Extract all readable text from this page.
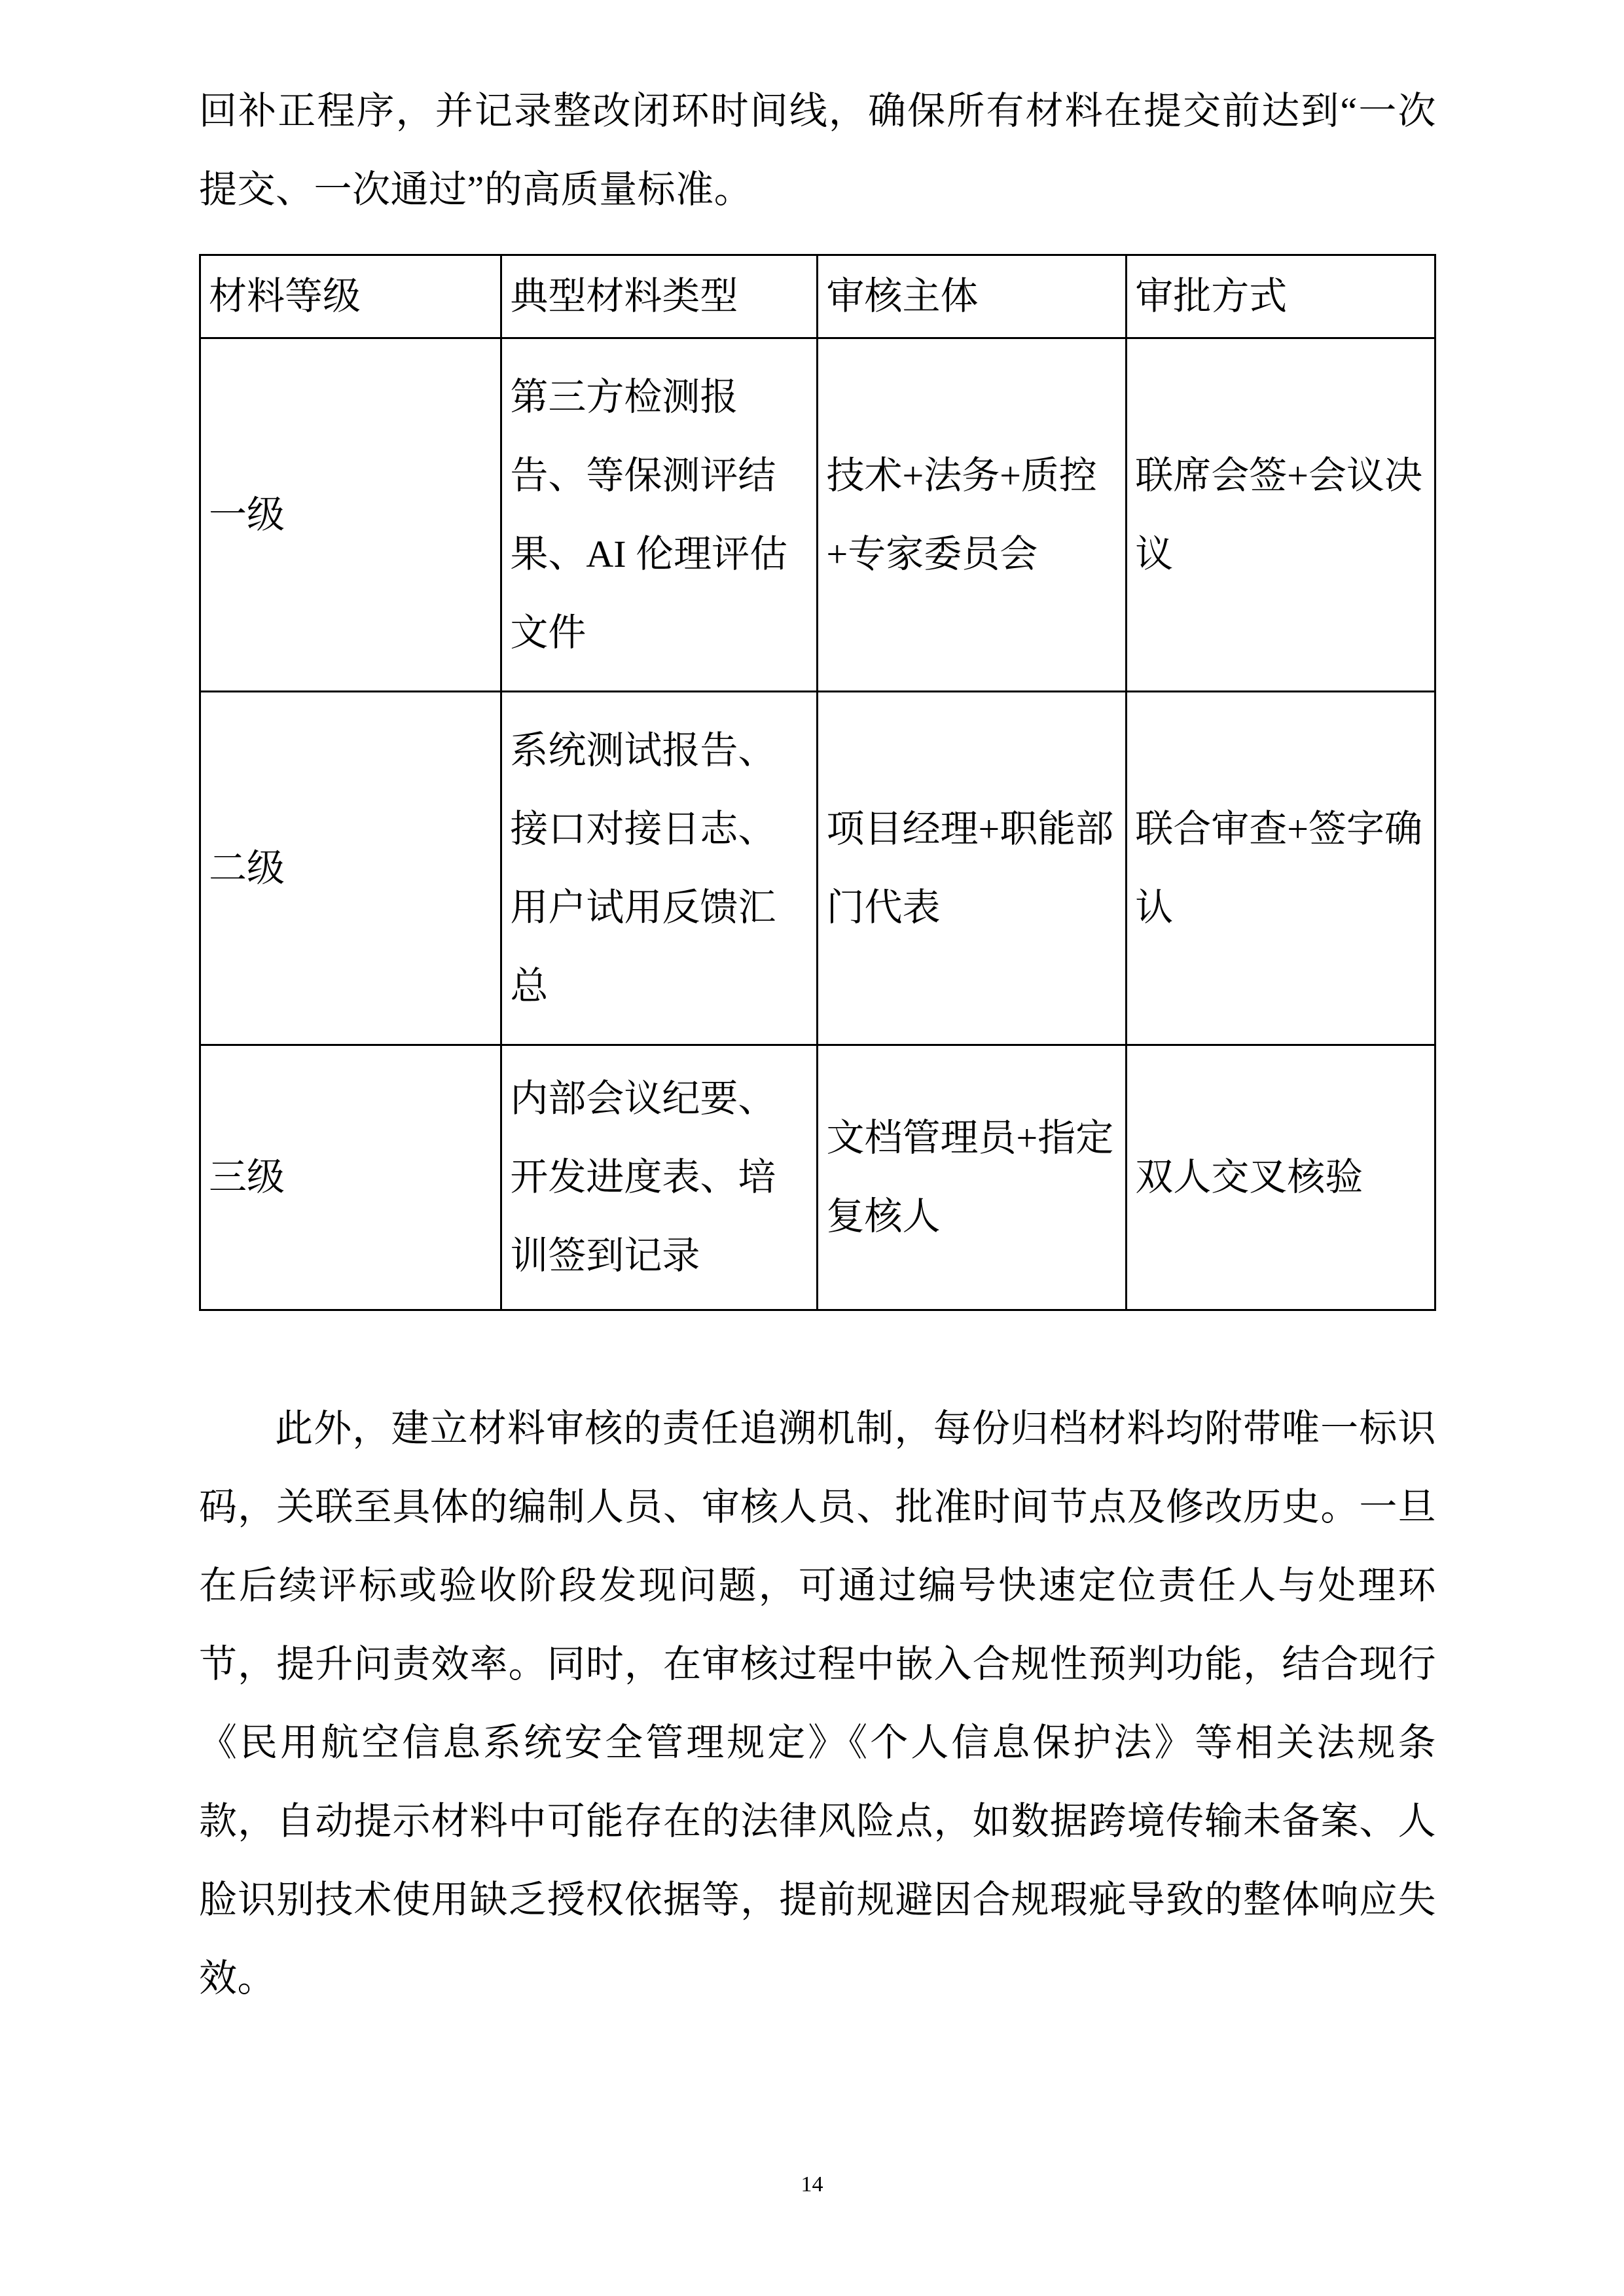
回补正程序，并记录整改闭环时间线，确保所有材料在提交前达到“一次提交、一次通过”的高质量标准。

材料等级	典型材料类型	审核主体	审批方式
一级	第三方检测报告、等保测评结果、AI 伦理评估文件	技术+法务+质控+专家委员会	联席会签+会议决议
二级	系统测试报告、接口对接日志、用户试用反馈汇总	项目经理+职能部门代表	联合审查+签字确认
三级	内部会议纪要、开发进度表、培训签到记录	文档管理员+指定复核人	双人交叉核验

此外，建立材料审核的责任追溯机制，每份归档材料均附带唯一标识码，关联至具体的编制人员、审核人员、批准时间节点及修改历史。一旦在后续评标或验收阶段发现问题，可通过编号快速定位责任人与处理环节，提升问责效率。同时，在审核过程中嵌入合规性预判功能，结合现行《民用航空信息系统安全管理规定》《个人信息保护法》等相关法规条款，自动提示材料中可能存在的法律风险点，如数据跨境传输未备案、人脸识别技术使用缺乏授权依据等，提前规避因合规瑕疵导致的整体响应失效。

14
